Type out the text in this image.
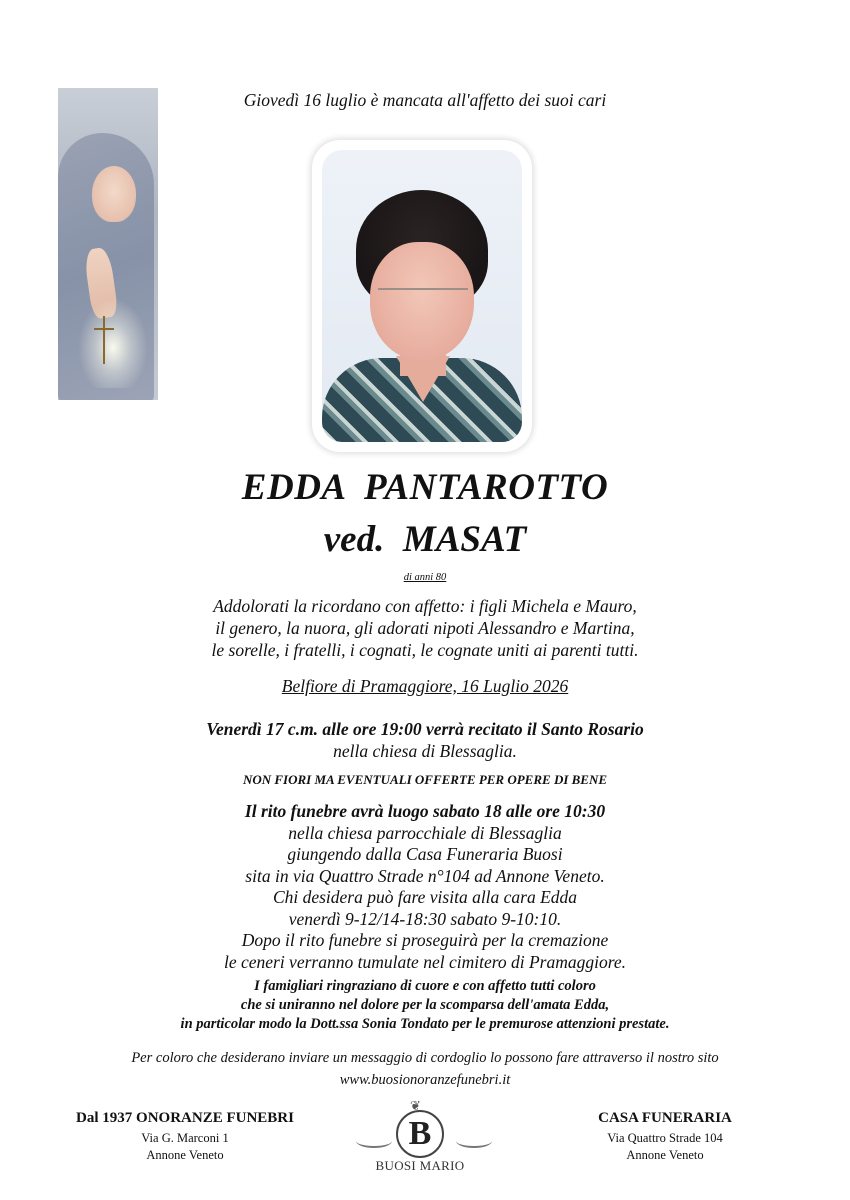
Giovedì 16 luglio è mancata all'affetto dei suoi cari
EDDA  PANTAROTTO
ved.  MASAT
di anni 80
Addolorati la ricordano con affetto: i figli Michela e Mauro,
il genero, la nuora, gli adorati nipoti Alessandro e Martina,
le sorelle, i fratelli, i cognati, le cognate uniti ai parenti tutti.
Belfiore di Pramaggiore, 16 Luglio 2026
Venerdì 17 c.m. alle ore 19:00 verrà recitato il Santo Rosario
nella chiesa di Blessaglia.
NON FIORI MA EVENTUALI OFFERTE PER OPERE DI BENE
Il rito funebre avrà luogo sabato 18 alle ore 10:30
nella chiesa parrocchiale di Blessaglia
giungendo dalla Casa Funeraria Buosi
sita in via Quattro Strade n°104 ad Annone Veneto.
Chi desidera può fare visita alla cara Edda
venerdì 9-12/14-18:30 sabato 9-10:10.
Dopo il rito funebre si proseguirà per la cremazione
le ceneri verranno tumulate nel cimitero di Pramaggiore.
I famigliari ringraziano di cuore e con affetto tutti coloro
che si uniranno nel dolore per la scomparsa dell'amata Edda,
in particolar modo la Dott.ssa Sonia Tondato per le premurose attenzioni prestate.
Per coloro che desiderano inviare un messaggio di cordoglio lo possono fare attraverso il nostro sito
www.buosionoranzefunebri.it
Dal 1937 ONORANZE FUNEBRI
Via G. Marconi 1
Annone Veneto
❦
B
BUOSI MARIO
CASA FUNERARIA
Via Quattro Strade 104
Annone Veneto
